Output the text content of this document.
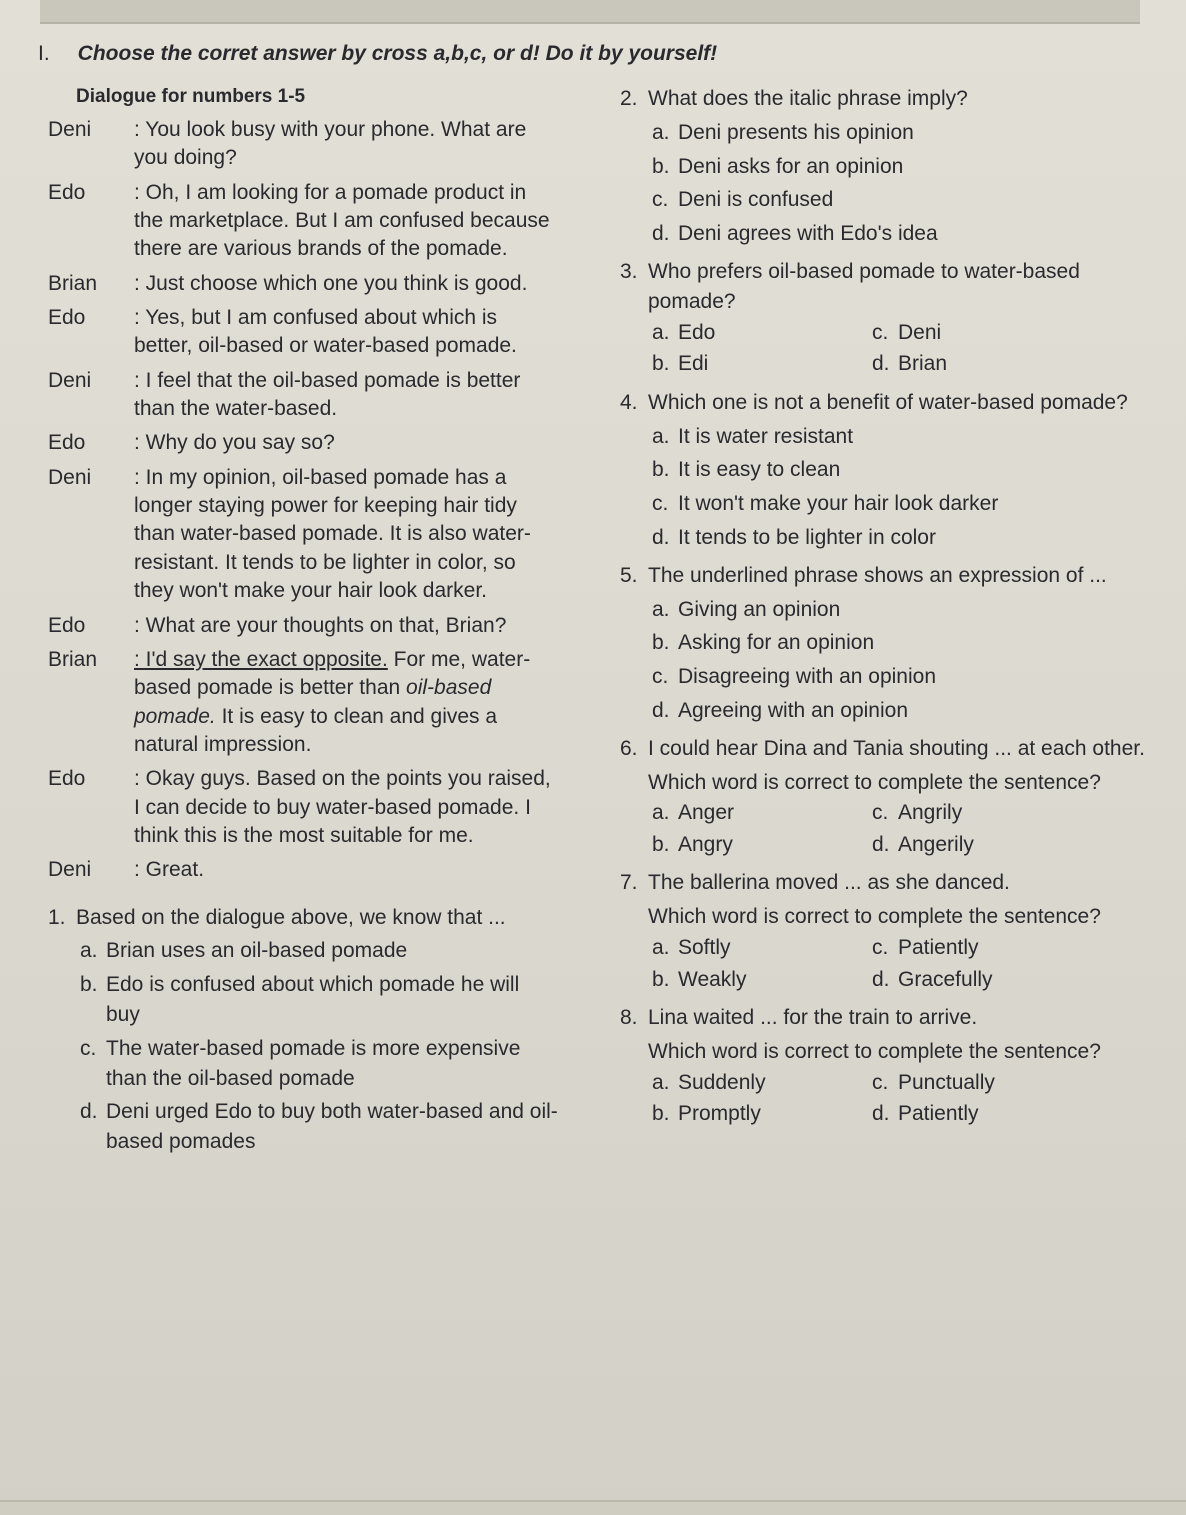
I. Choose the corret answer by cross a,b,c, or d! Do it by yourself!
Dialogue for numbers 1-5
Deni	: You look busy with your phone. What are you doing?
Edo	: Oh, I am looking for a pomade product in the marketplace. But I am confused because there are various brands of the pomade.
Brian	: Just choose which one you think is good.
Edo	: Yes, but I am confused about which is better, oil-based or water-based pomade.
Deni	: I feel that the oil-based pomade is better than the water-based.
Edo	: Why do you say so?
Deni	: In my opinion, oil-based pomade has a longer staying power for keeping hair tidy than water-based pomade. It is also water-resistant. It tends to be lighter in color, so they won't make your hair look darker.
Edo	: What are your thoughts on that, Brian?
Brian	: I'd say the exact opposite. For me, water-based pomade is better than oil-based pomade. It is easy to clean and gives a natural impression.
Edo	: Okay guys. Based on the points you raised, I can decide to buy water-based pomade. I think this is the most suitable for me.
Deni	: Great.
1. Based on the dialogue above, we know that ...
a. Brian uses an oil-based pomade
b. Edo is confused about which pomade he will buy
c. The water-based pomade is more expensive than the oil-based pomade
d. Deni urged Edo to buy both water-based and oil-based pomades
2. What does the italic phrase imply?
a. Deni presents his opinion
b. Deni asks for an opinion
c. Deni is confused
d. Deni agrees with Edo's idea
3. Who prefers oil-based pomade to water-based pomade?
a. Edo	c. Deni
b. Edi	d. Brian
4. Which one is not a benefit of water-based pomade?
a. It is water resistant
b. It is easy to clean
c. It won't make your hair look darker
d. It tends to be lighter in color
5. The underlined phrase shows an expression of ...
a. Giving an opinion
b. Asking for an opinion
c. Disagreeing with an opinion
d. Agreeing with an opinion
6. I could hear Dina and Tania shouting ... at each other.
Which word is correct to complete the sentence?
a. Anger	c. Angrily
b. Angry	d. Angerily
7. The ballerina moved ... as she danced.
Which word is correct to complete the sentence?
a. Softly	c. Patiently
b. Weakly	d. Gracefully
8. Lina waited ... for the train to arrive.
Which word is correct to complete the sentence?
a. Suddenly	c. Punctually
b. Promptly	d. Patiently
